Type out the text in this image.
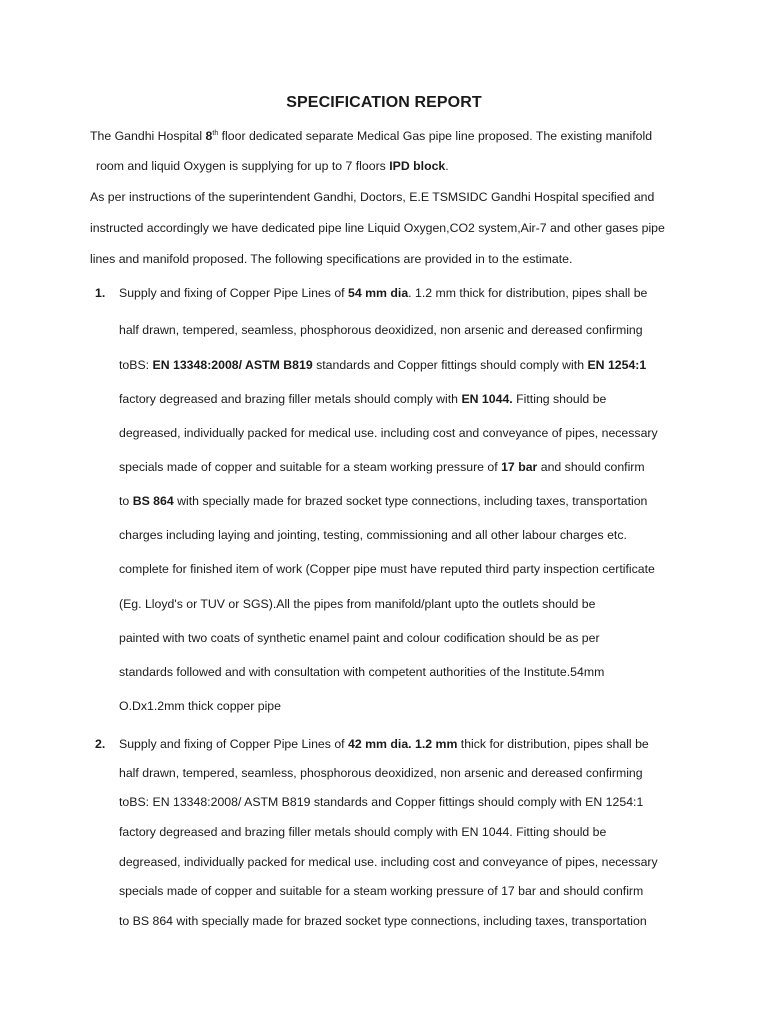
SPECIFICATION REPORT
The Gandhi Hospital 8th floor dedicated separate Medical Gas pipe line proposed. The existing manifold
room and liquid Oxygen is supplying for up to 7 floors IPD block.
As per instructions of the superintendent Gandhi, Doctors, E.E TSMSIDC Gandhi Hospital specified and
instructed accordingly we have dedicated pipe line Liquid Oxygen,CO2 system,Air-7 and other gases pipe
lines and manifold proposed. The following specifications are provided in to the estimate.
1. Supply and fixing of Copper Pipe Lines of 54 mm dia. 1.2 mm thick for distribution, pipes shall be
half drawn, tempered, seamless, phosphorous deoxidized, non arsenic and dereased confirming
toBS: EN 13348:2008/ ASTM B819 standards and Copper fittings should comply with EN 1254:1
factory degreased and brazing filler metals should comply with EN 1044. Fitting should be
degreased, individually packed for medical use. including cost and conveyance of pipes, necessary
specials made of copper and suitable for a steam working pressure of 17 bar and should confirm
to BS 864 with specially made for brazed socket type connections, including taxes, transportation
charges including laying and jointing, testing, commissioning and all other labour charges etc.
complete for finished item of work (Copper pipe must have reputed third party inspection certificate
(Eg. Lloyd's or TUV or SGS).All the pipes from manifold/plant upto the outlets should be
painted with two coats of synthetic enamel paint and colour codification should be as per
standards followed and with consultation with competent authorities of the Institute.54mm
O.Dx1.2mm thick copper pipe
2. Supply and fixing of Copper Pipe Lines of 42 mm dia. 1.2 mm thick for distribution, pipes shall be
half drawn, tempered, seamless, phosphorous deoxidized, non arsenic and dereased confirming
toBS: EN 13348:2008/ ASTM B819 standards and Copper fittings should comply with EN 1254:1
factory degreased and brazing filler metals should comply with EN 1044. Fitting should be
degreased, individually packed for medical use. including cost and conveyance of pipes, necessary
specials made of copper and suitable for a steam working pressure of 17 bar and should confirm
to BS 864 with specially made for brazed socket type connections, including taxes, transportation
